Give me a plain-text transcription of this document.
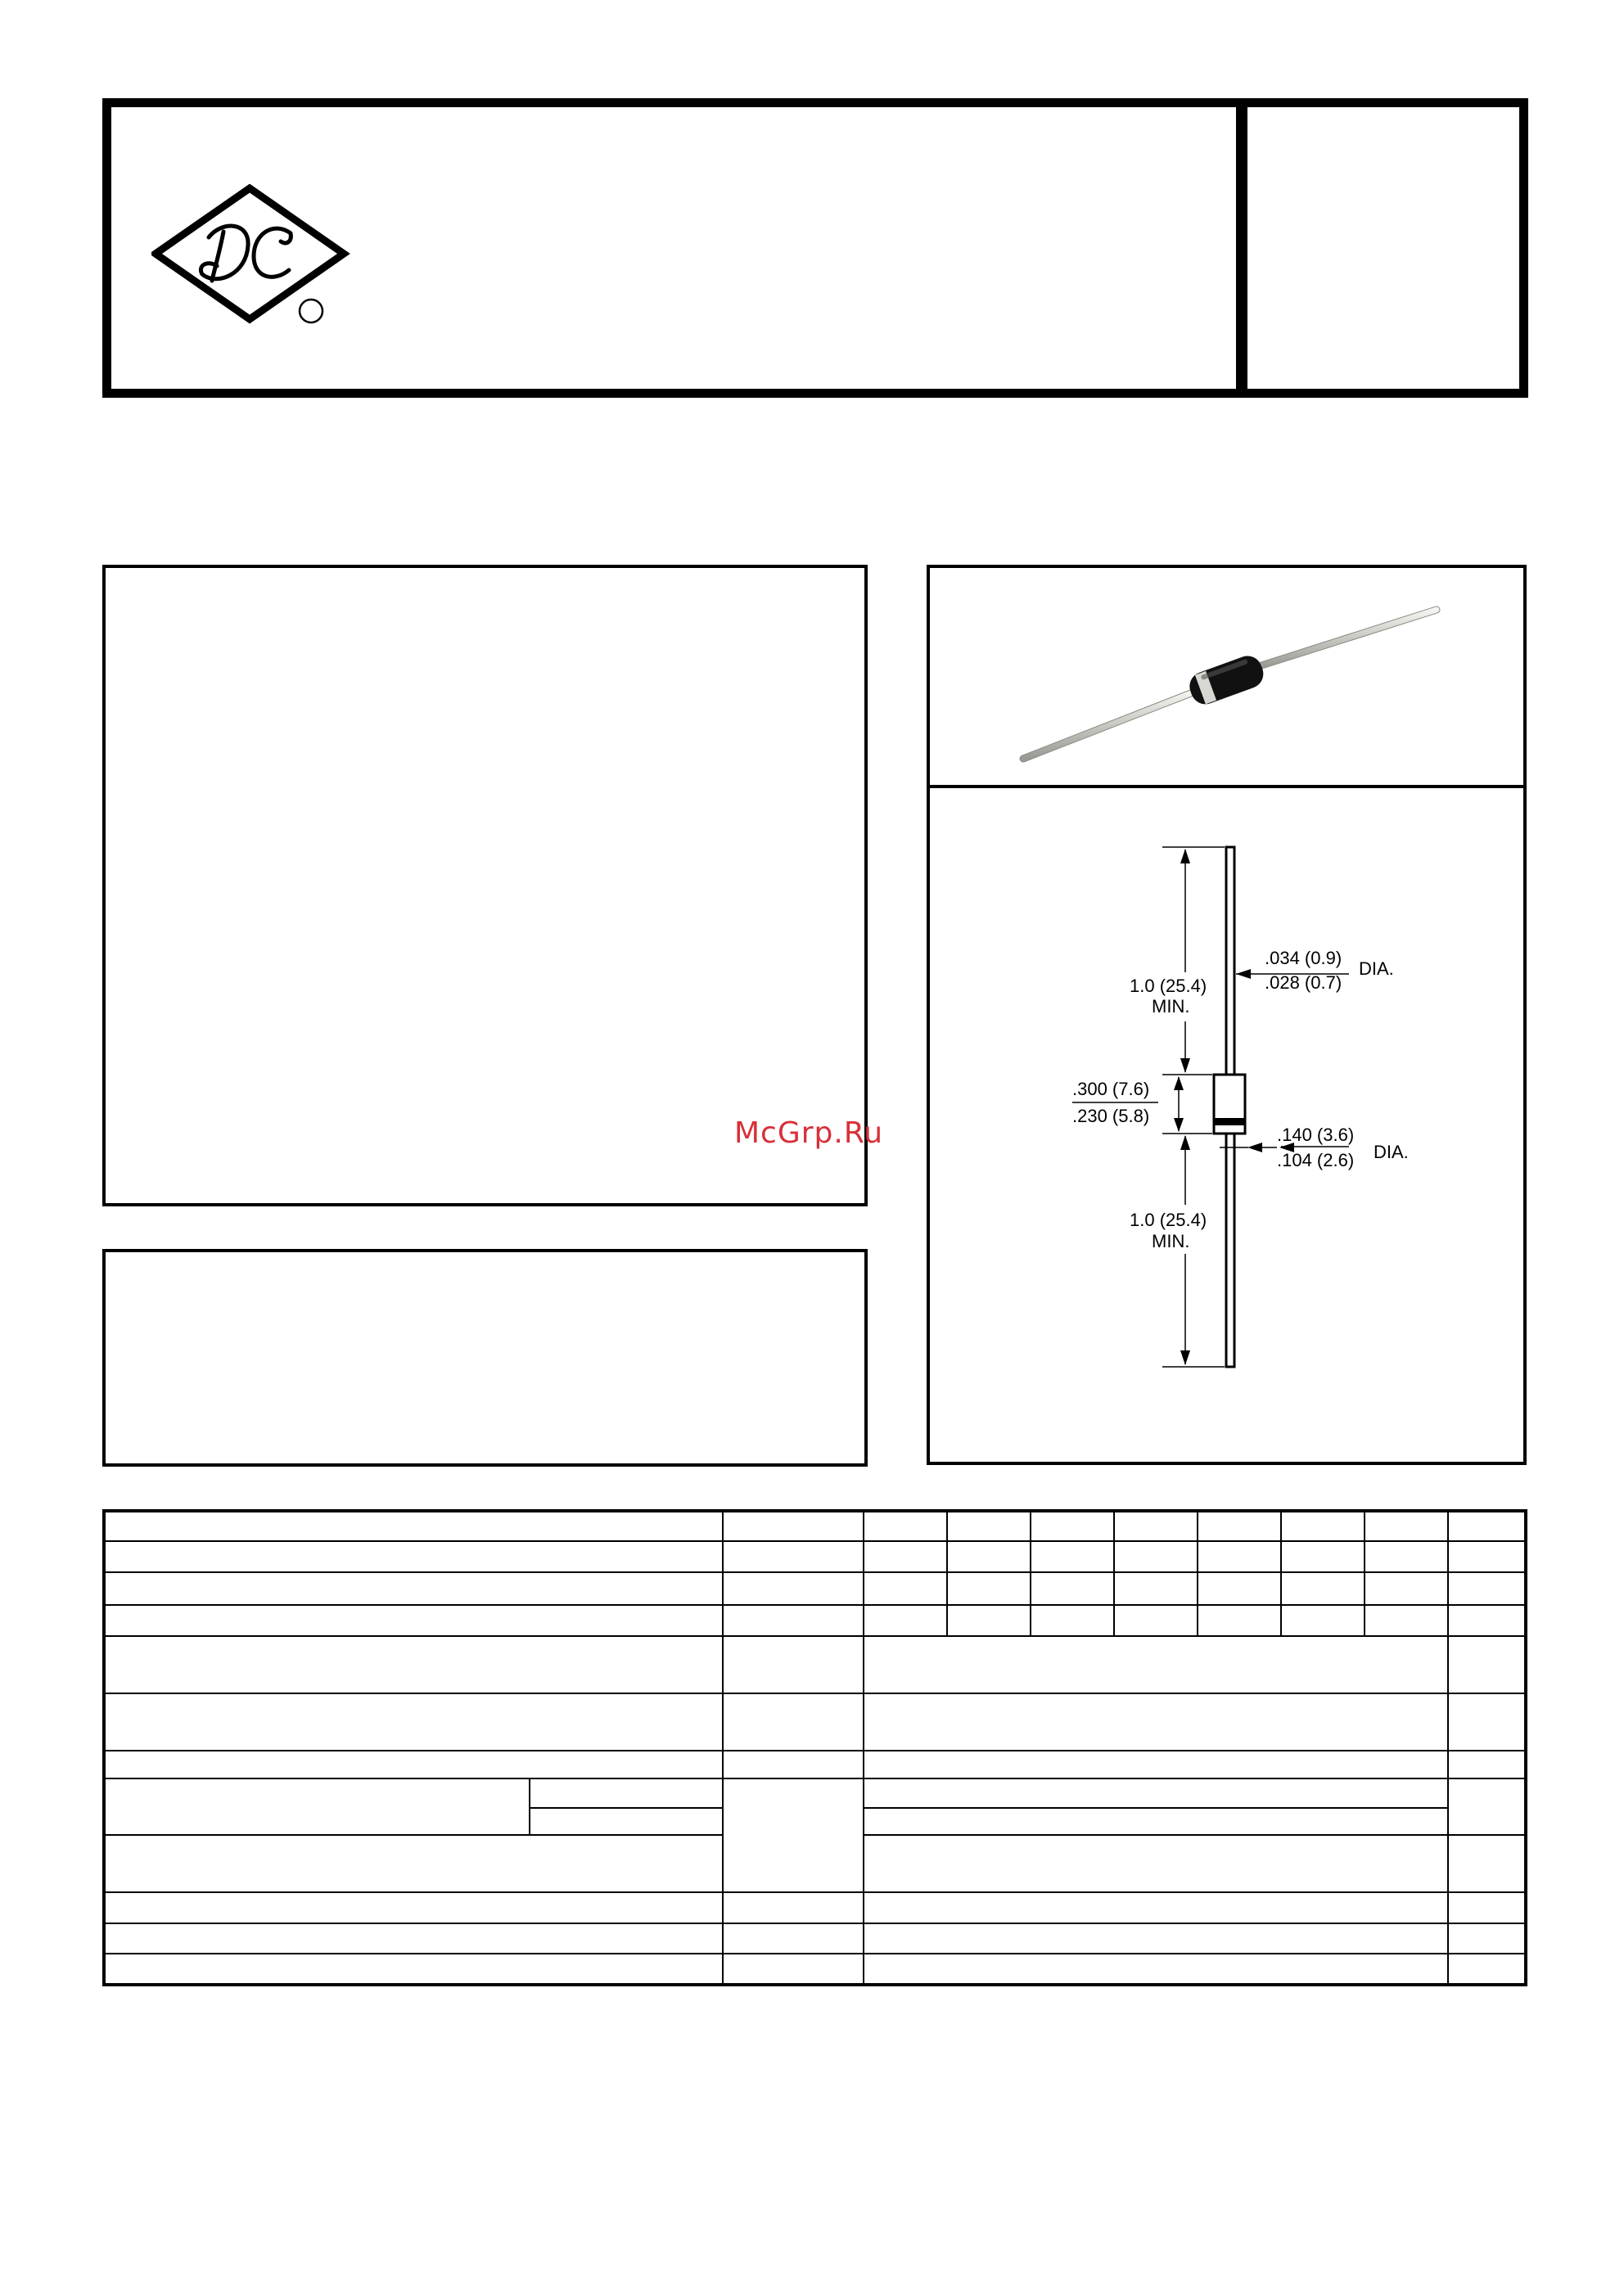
.034 (0.9)
.028 (0.7)
DIA.
1.0 (25.4)
MIN.
.300 (7.6)
.230 (5.8)
.140 (3.6)
.104 (2.6) DIA.
1.0 (25.4)
MIN.
McGrp.Ru
